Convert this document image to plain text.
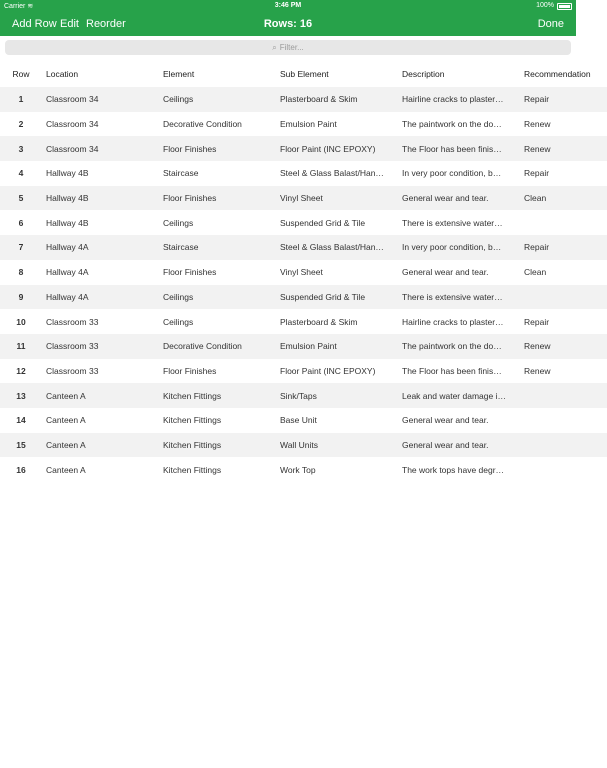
Carrier ≋	3:46 PM	100%
Add Row Edit Reorder	Rows: 16	Done
⌕ Filter...
Row	Location	Element	Sub Element	Description	Recommendation
1	Classroom 34	Ceilings	Plasterboard & Skim	Hairline cracks to plaster…	Repair
2	Classroom 34	Decorative Condition	Emulsion Paint	The paintwork on the do…	Renew
3	Classroom 34	Floor Finishes	Floor Paint (INC EPOXY)	The Floor has been finis…	Renew
4	Hallway 4B	Staircase	Steel & Glass Balast/Han…	In very poor condition, b…	Repair
5	Hallway 4B	Floor Finishes	Vinyl Sheet	General wear and tear.	Clean
6	Hallway 4B	Ceilings	Suspended Grid & Tile	There is extensive water…	
7	Hallway 4A	Staircase	Steel & Glass Balast/Han…	In very poor condition, b…	Repair
8	Hallway 4A	Floor Finishes	Vinyl Sheet	General wear and tear.	Clean
9	Hallway 4A	Ceilings	Suspended Grid & Tile	There is extensive water…	
10	Classroom 33	Ceilings	Plasterboard & Skim	Hairline cracks to plaster…	Repair
11	Classroom 33	Decorative Condition	Emulsion Paint	The paintwork on the do…	Renew
12	Classroom 33	Floor Finishes	Floor Paint (INC EPOXY)	The Floor has been finis…	Renew
13	Canteen A	Kitchen Fittings	Sink/Taps	Leak and water damage i…	
14	Canteen A	Kitchen Fittings	Base Unit	General wear and tear.	
15	Canteen A	Kitchen Fittings	Wall Units	General wear and tear.	
16	Canteen A	Kitchen Fittings	Work Top	The work tops have degr…	
